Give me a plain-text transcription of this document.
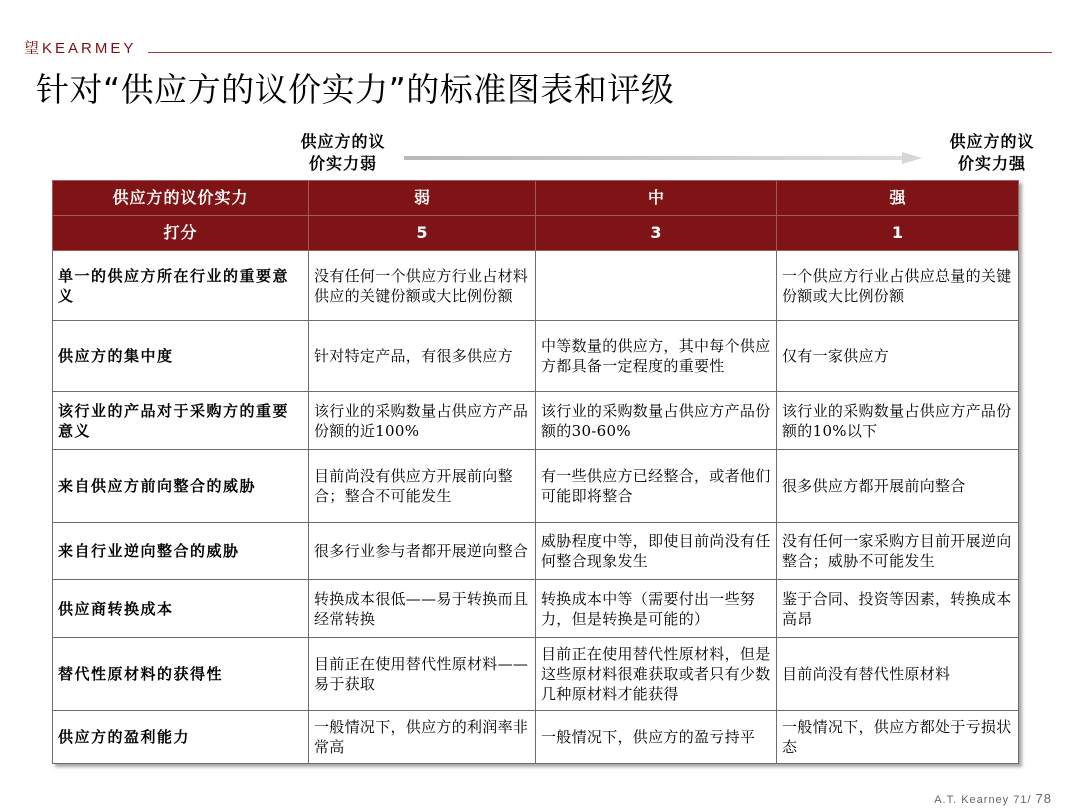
望KEARMEY
针对“供应方的议价实力”的标准图表和评级
供应方的议
价实力弱
供应方的议
价实力强
供应方的议价实力	弱	中	强
打分	5	3	1
单一的供应方所在行业的重要意义	没有任何一个供应方行业占材料供应的关键份额或大比例份额		一个供应方行业占供应总量的关键份额或大比例份额
供应方的集中度	针对特定产品，有很多供应方	中等数量的供应方，其中每个供应方都具备一定程度的重要性	仅有一家供应方
该行业的产品对于采购方的重要意义	该行业的采购数量占供应方产品份额的近100%	该行业的采购数量占供应方产品份额的30-60%	该行业的采购数量占供应方产品份额的10%以下
来自供应方前向整合的威胁	目前尚没有供应方开展前向整合；整合不可能发生	有一些供应方已经整合，或者他们可能即将整合	很多供应方都开展前向整合
来自行业逆向整合的威胁	很多行业参与者都开展逆向整合	威胁程度中等，即使目前尚没有任何整合现象发生	没有任何一家采购方目前开展逆向整合；威胁不可能发生
供应商转换成本	转换成本很低——易于转换而且经常转换	转换成本中等（需要付出一些努力，但是转换是可能的）	鉴于合同、投资等因素，转换成本高昂
替代性原材料的获得性	目前正在使用替代性原材料——易于获取	目前正在使用替代性原材料，但是这些原材料很难获取或者只有少数几种原材料才能获得	目前尚没有替代性原材料
供应方的盈利能力	一般情况下，供应方的利润率非常高	一般情况下，供应方的盈亏持平	一般情况下，供应方都处于亏损状态
A.T. Kearney 71/ 78
